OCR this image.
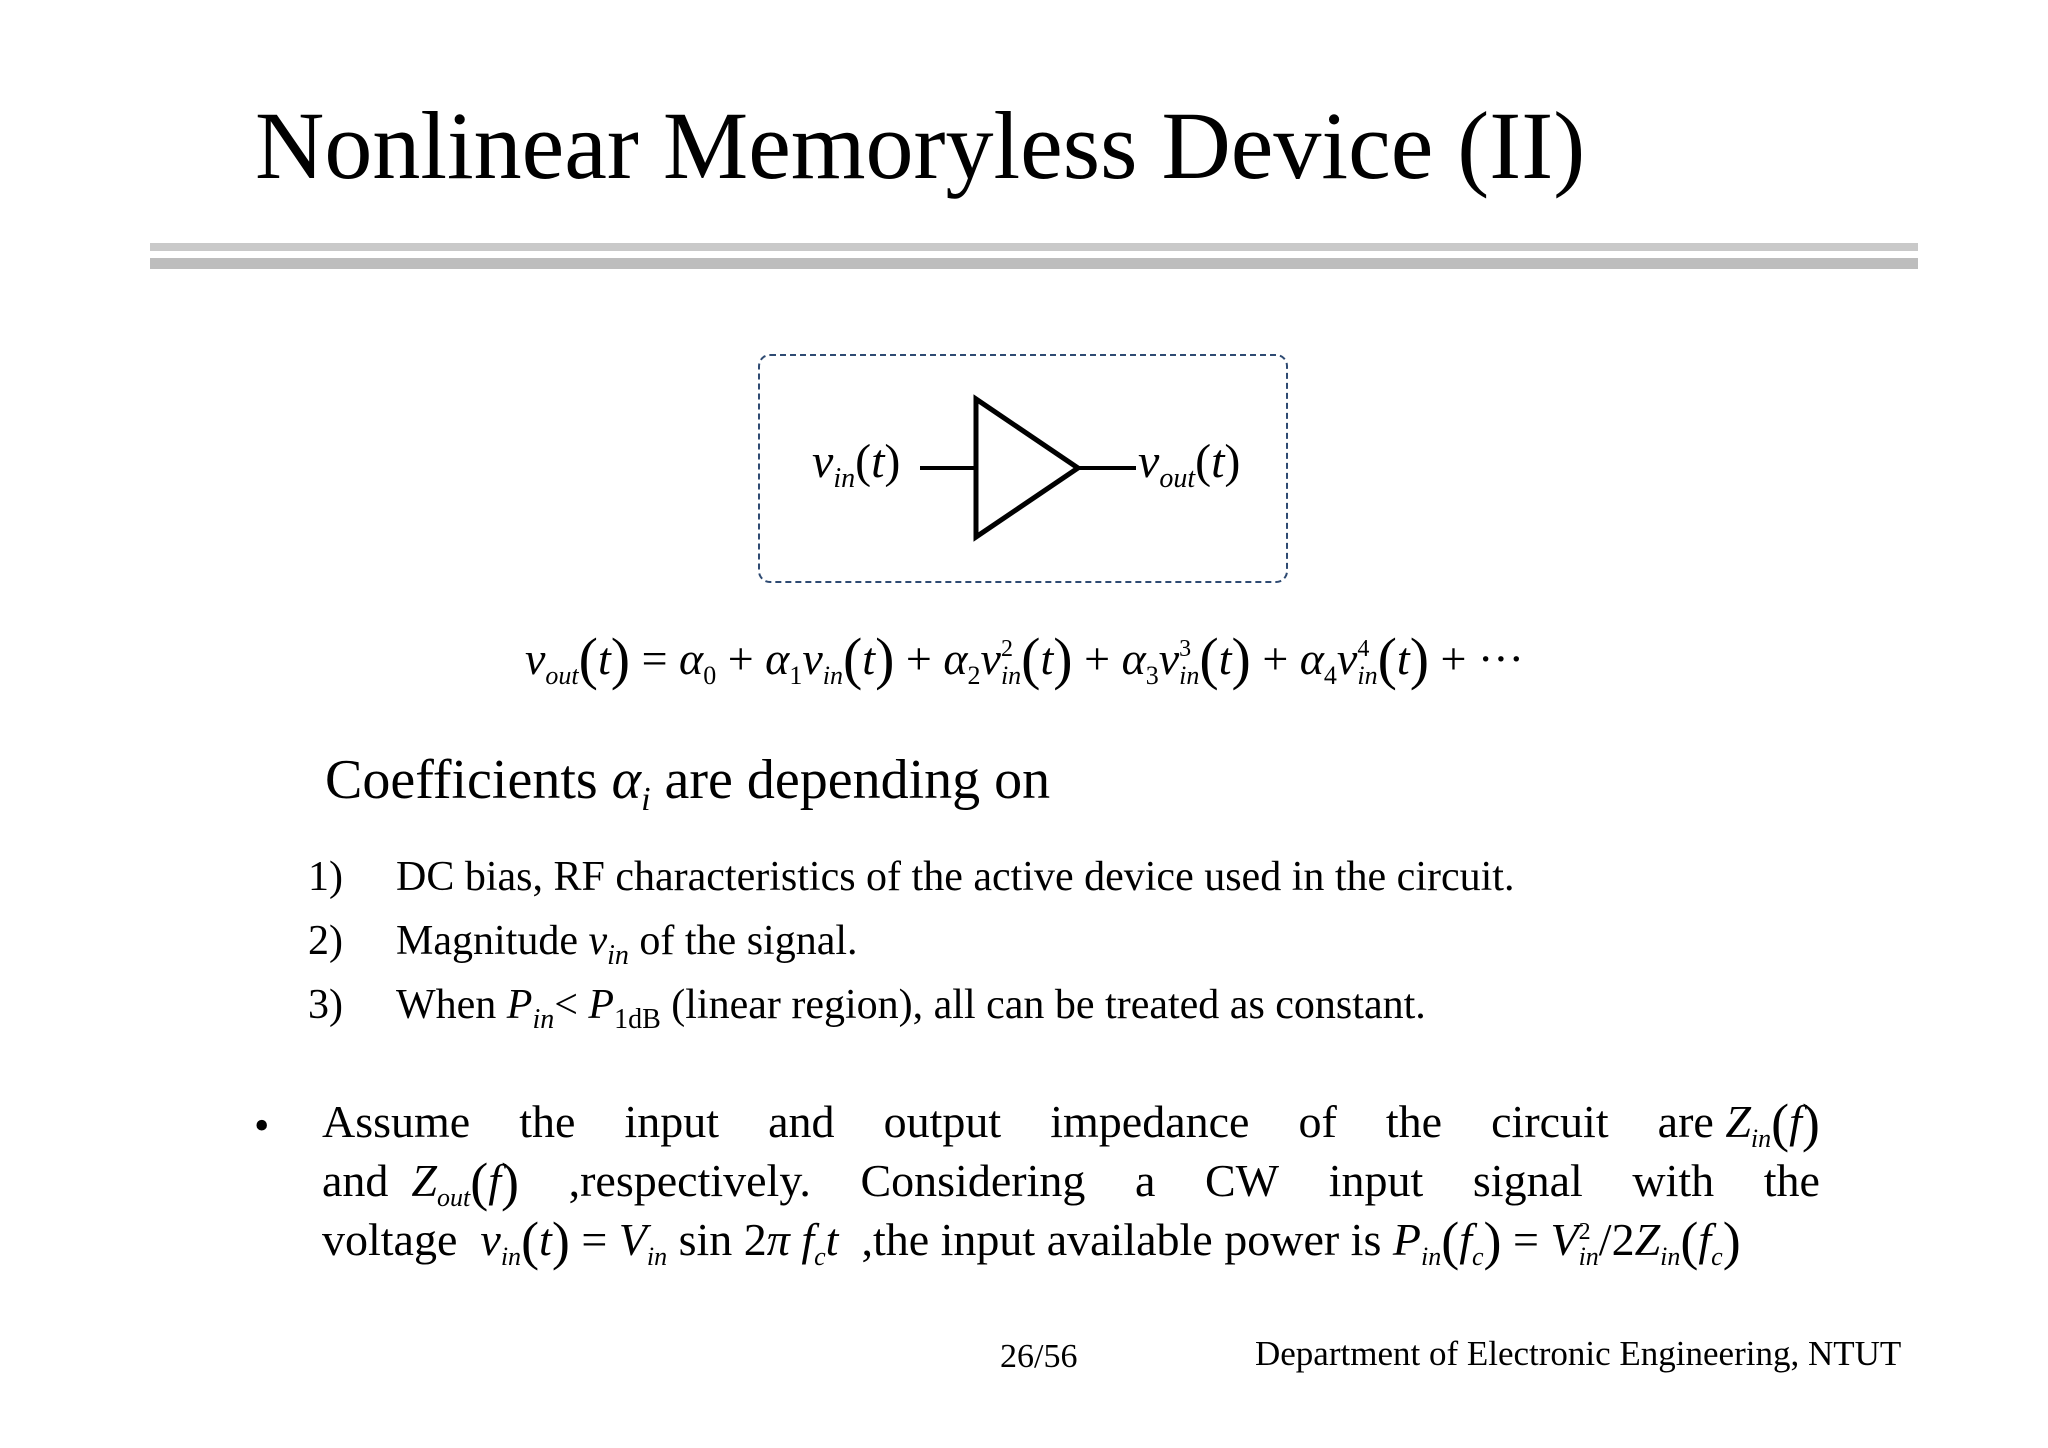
Nonlinear Memoryless Device (II)
$v_{in}(t)$	$v_{out}(t)$
$v_{out}(t) = \alpha_0 + \alpha_1v_{in}(t) + \alpha_2v^2_{in}(t) + \alpha_3v^3_{in}(t) + \alpha_4v^4_{in}(t)$ + ···
Coefficients $\alpha_i$ are depending on
1) DC bias, RF characteristics of the active device used in the circuit.
2) Magnitude $v_{in}$ of the signal.
3) When $P_{in}< P_{1dB}$ (linear region), all can be treated as constant.
• Assume the input and output impedance of the circuit are $Z_{in}(f)$
and  $Z_{out}(f)$ ,respectively. Considering a CW input signal with the
voltage $v_{in}(t) = V_{in}$ sin 2π $f_ct$ ,the input available power is $P_{in}(f_c) = V^2_{in}/2Z_{in}(f_c)$
26/56	Department of Electronic Engineering, NTUT
